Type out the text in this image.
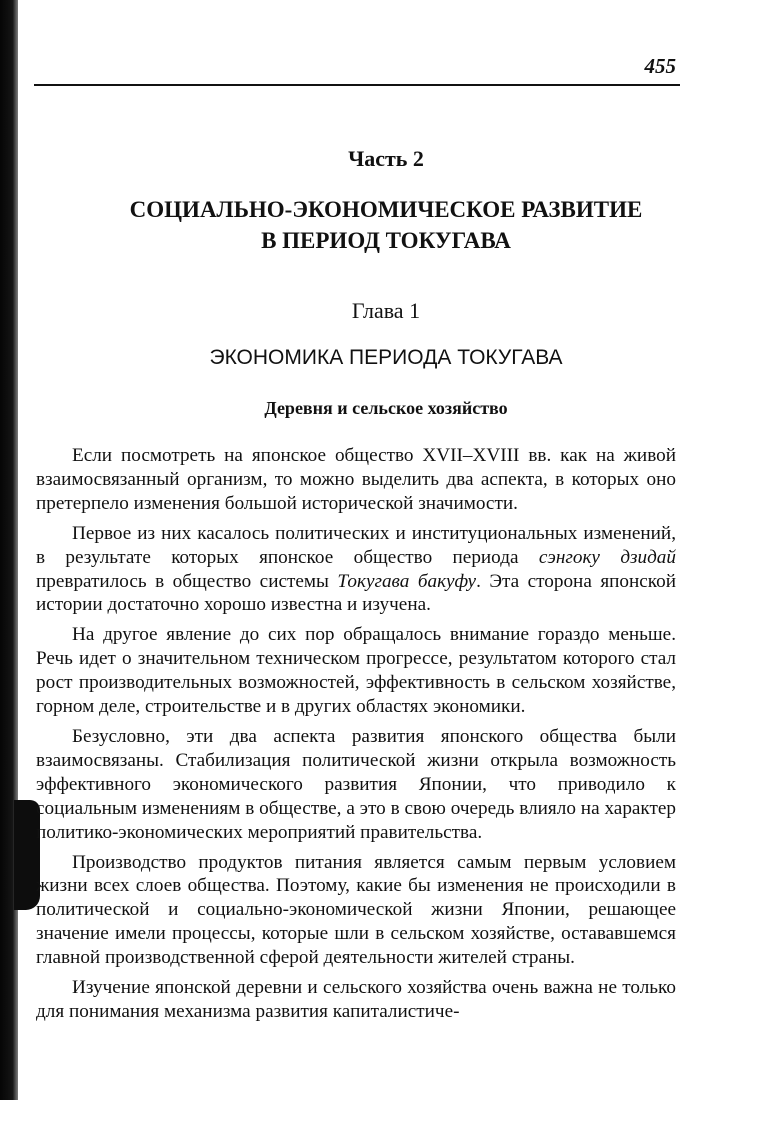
455
Часть 2
СОЦИАЛЬНО-ЭКОНОМИЧЕСКОЕ РАЗВИТИЕ
В ПЕРИОД ТОКУГАВА
Глава 1
ЭКОНОМИКА ПЕРИОДА ТОКУГАВА
Деревня и сельское хозяйство

Если посмотреть на японское общество XVII–XVIII вв. как на живой взаимосвязанный организм, то можно выделить два аспекта, в которых оно претерпело изменения большой исторической значимости.

Первое из них касалось политических и институциональных изменений, в результате которых японское общество периода сэнгоку дзидай превратилось в общество системы Токугава бакуфу. Эта сторона японской истории достаточно хорошо известна и изучена.

На другое явление до сих пор обращалось внимание гораздо меньше. Речь идет о значительном техническом прогрессе, результатом которого стал рост производительных возможностей, эффективность в сельском хозяйстве, горном деле, строительстве и в других областях экономики.

Безусловно, эти два аспекта развития японского общества были взаимосвязаны. Стабилизация политической жизни открыла возможность эффективного экономического развития Японии, что приводило к социальным изменениям в обществе, а это в свою очередь влияло на характер политико-экономических мероприятий правительства.

Производство продуктов питания является самым первым условием жизни всех слоев общества. Поэтому, какие бы изменения не происходили в политической и социально-экономической жизни Японии, решающее значение имели процессы, которые шли в сельском хозяйстве, остававшемся главной производственной сферой деятельности жителей страны.

Изучение японской деревни и сельского хозяйства очень важна не только для понимания механизма развития капиталистиче-
